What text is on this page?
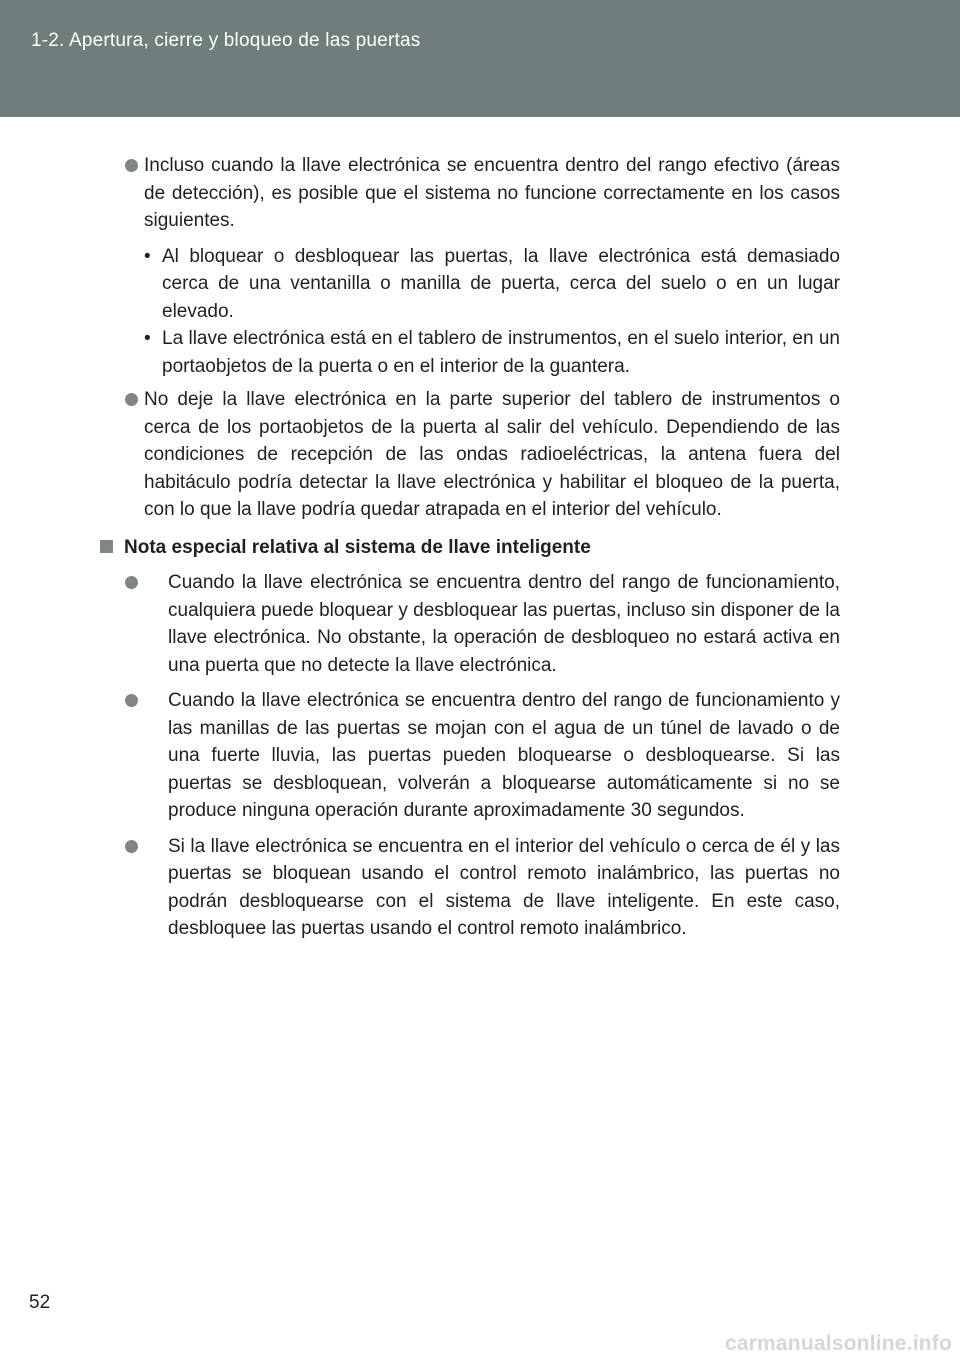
1-2. Apertura, cierre y bloqueo de las puertas
Incluso cuando la llave electrónica se encuentra dentro del rango efectivo (áreas de detección), es posible que el sistema no funcione correctamente en los casos siguientes.
• Al bloquear o desbloquear las puertas, la llave electrónica está demasiado cerca de una ventanilla o manilla de puerta, cerca del suelo o en un lugar elevado.
• La llave electrónica está en el tablero de instrumentos, en el suelo interior, en un portaobjetos de la puerta o en el interior de la guantera.
No deje la llave electrónica en la parte superior del tablero de instrumentos o cerca de los portaobjetos de la puerta al salir del vehículo. Dependiendo de las condiciones de recepción de las ondas radioeléctricas, la antena fuera del habitáculo podría detectar la llave electrónica y habilitar el bloqueo de la puerta, con lo que la llave podría quedar atrapada en el interior del vehículo.
Nota especial relativa al sistema de llave inteligente
Cuando la llave electrónica se encuentra dentro del rango de funcionamiento, cualquiera puede bloquear y desbloquear las puertas, incluso sin disponer de la llave electrónica. No obstante, la operación de desbloqueo no estará activa en una puerta que no detecte la llave electrónica.
Cuando la llave electrónica se encuentra dentro del rango de funcionamiento y las manillas de las puertas se mojan con el agua de un túnel de lavado o de una fuerte lluvia, las puertas pueden bloquearse o desbloquearse. Si las puertas se desbloquean, volverán a bloquearse automáticamente si no se produce ninguna operación durante aproximadamente 30 segundos.
Si la llave electrónica se encuentra en el interior del vehículo o cerca de él y las puertas se bloquean usando el control remoto inalámbrico, las puertas no podrán desbloquearse con el sistema de llave inteligente. En este caso, desbloquee las puertas usando el control remoto inalámbrico.
52
carmanualsonline.info
